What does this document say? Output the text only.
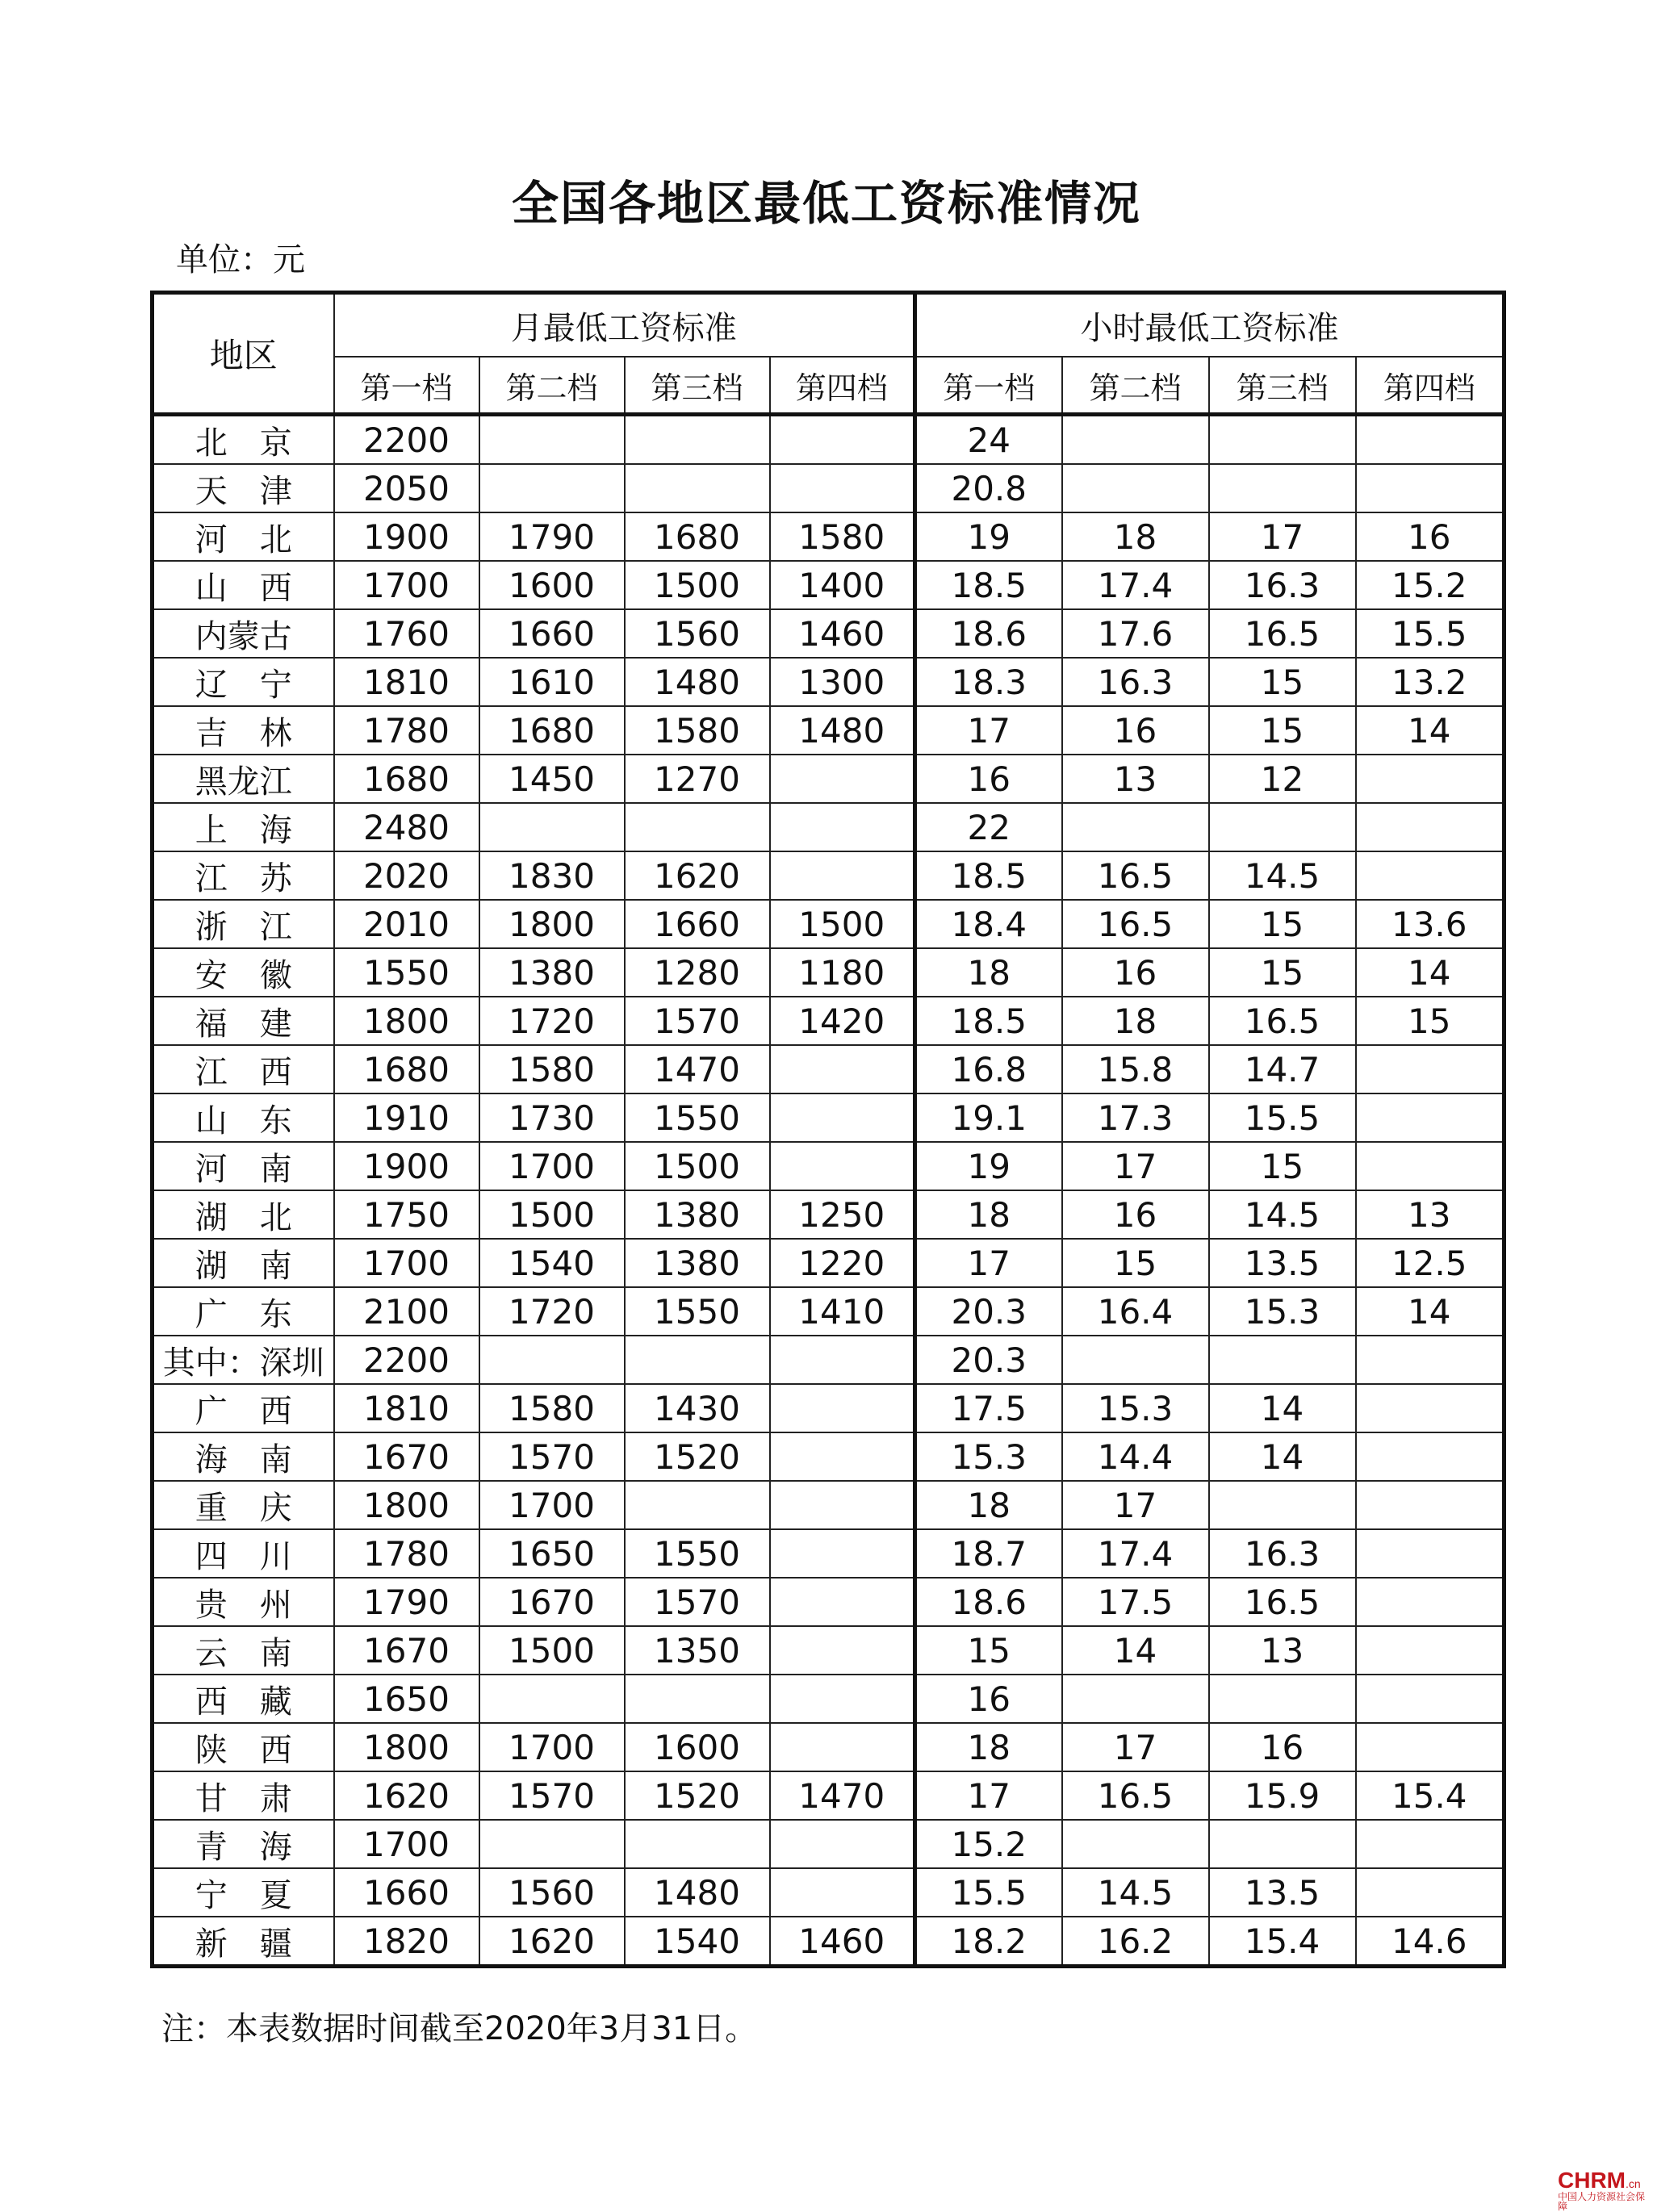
全国各地区最低工资标准情况
单位：元
地区	月最低工资标准				小时最低工资标准			
	第一档	第二档	第三档	第四档	第一档	第二档	第三档	第四档
北　京	2200				24			
天　津	2050				20.8			
河　北	1900	1790	1680	1580	19	18	17	16
山　西	1700	1600	1500	1400	18.5	17.4	16.3	15.2
内蒙古	1760	1660	1560	1460	18.6	17.6	16.5	15.5
辽　宁	1810	1610	1480	1300	18.3	16.3	15	13.2
吉　林	1780	1680	1580	1480	17	16	15	14
黑龙江	1680	1450	1270		16	13	12	
上　海	2480				22			
江　苏	2020	1830	1620		18.5	16.5	14.5	
浙　江	2010	1800	1660	1500	18.4	16.5	15	13.6
安　徽	1550	1380	1280	1180	18	16	15	14
福　建	1800	1720	1570	1420	18.5	18	16.5	15
江　西	1680	1580	1470		16.8	15.8	14.7	
山　东	1910	1730	1550		19.1	17.3	15.5	
河　南	1900	1700	1500		19	17	15	
湖　北	1750	1500	1380	1250	18	16	14.5	13
湖　南	1700	1540	1380	1220	17	15	13.5	12.5
广　东	2100	1720	1550	1410	20.3	16.4	15.3	14
其中：深圳	2200				20.3			
广　西	1810	1580	1430		17.5	15.3	14	
海　南	1670	1570	1520		15.3	14.4	14	
重　庆	1800	1700			18	17		
四　川	1780	1650	1550		18.7	17.4	16.3	
贵　州	1790	1670	1570		18.6	17.5	16.5	
云　南	1670	1500	1350		15	14	13	
西　藏	1650				16			
陕　西	1800	1700	1600		18	17	16	
甘　肃	1620	1570	1520	1470	17	16.5	15.9	15.4
青　海	1700				15.2			
宁　夏	1660	1560	1480		15.5	14.5	13.5	
新　疆	1820	1620	1540	1460	18.2	16.2	15.4	14.6
注：本表数据时间截至2020年3月31日。
CHRM.cn
中国人力资源社会保障
